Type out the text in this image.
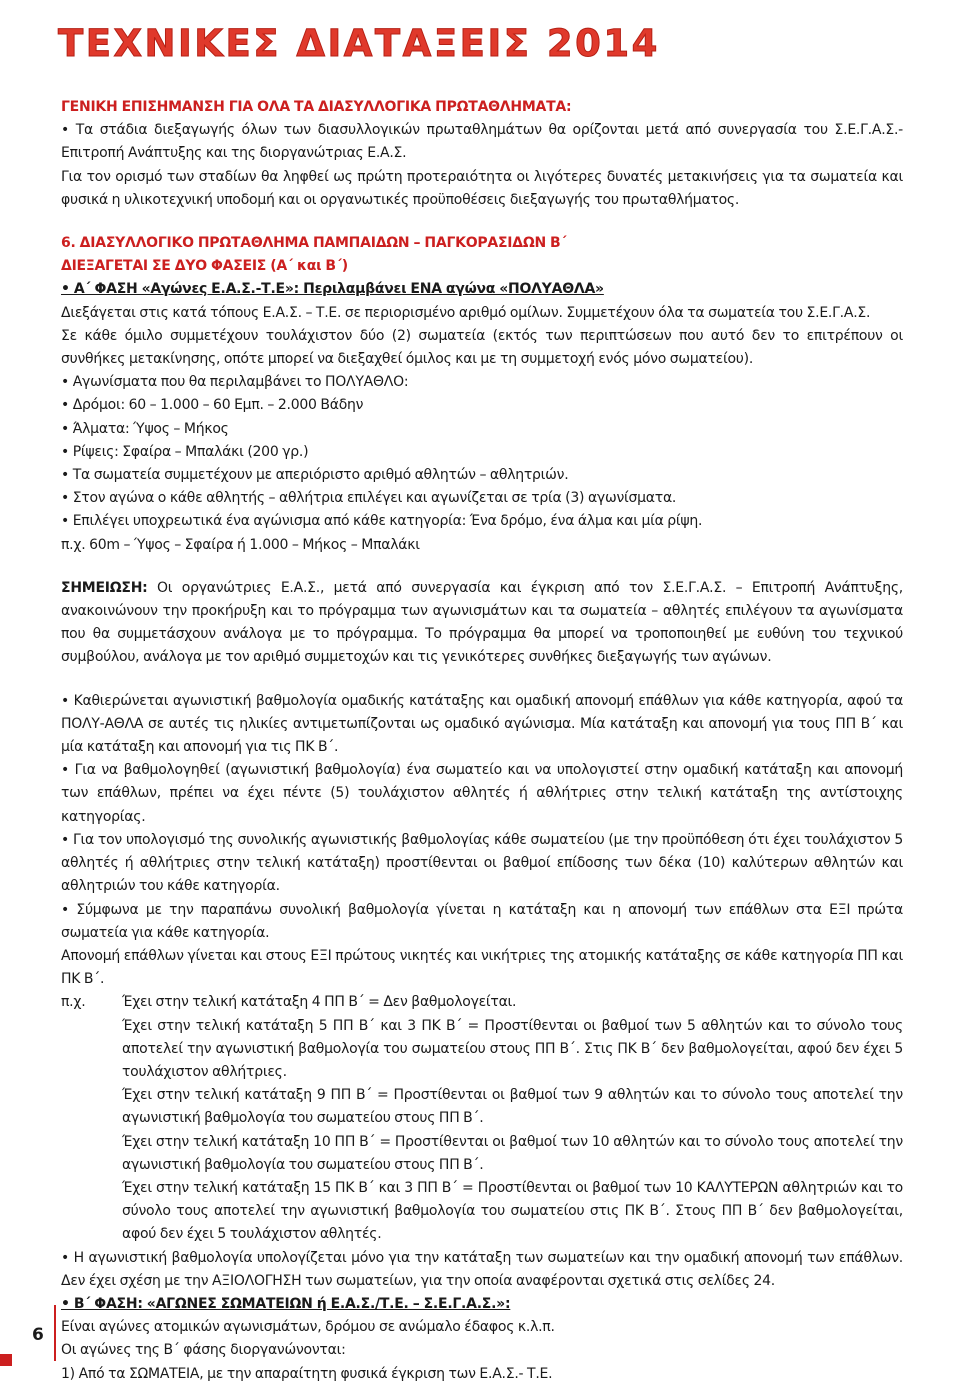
ΤΕΧΝΙΚΕΣ ΔΙΑΤΑΞΕΙΣ 2014

ΓΕΝΙΚΗ ΕΠΙΣΗΜΑΝΣΗ ΓΙΑ ΟΛΑ ΤΑ ΔΙΑΣΥΛΛΟΓΙΚΑ ΠΡΩΤΑΘΛΗΜΑΤΑ:

• Τα στάδια διεξαγωγής όλων των διασυλλογικών πρωταθλημάτων θα ορίζονται μετά από συνεργασία του Σ.Ε.Γ.Α.Σ.- Επιτροπή Ανάπτυξης και της διοργανώτριας Ε.Α.Σ.

Για τον ορισμό των σταδίων θα ληφθεί ως πρώτη προτεραιότητα οι λιγότερες δυνατές μετακινήσεις για τα σωματεία και φυσικά η υλικοτεχνική υποδομή και οι οργανωτικές προϋποθέσεις διεξαγωγής του πρωταθλήματος.

6. ΔΙΑΣΥΛΛΟΓΙΚΟ ΠΡΩΤΑΘΛΗΜΑ ΠΑΜΠΑΙΔΩΝ – ΠΑΓΚΟΡΑΣΙΔΩΝ Β΄

ΔΙΕΞΑΓΕΤΑΙ ΣΕ ΔΥΟ ΦΑΣΕΙΣ (Α΄ και Β΄)

• Α΄ ΦΑΣΗ «Αγώνες Ε.Α.Σ.-Τ.Ε»: Περιλαμβάνει ΕΝΑ αγώνα «ΠΟΛΥΑΘΛΑ»

Διεξάγεται στις κατά τόπους Ε.Α.Σ. – Τ.Ε. σε περιορισμένο αριθμό ομίλων. Συμμετέχουν όλα τα σωματεία του Σ.Ε.Γ.Α.Σ.

Σε κάθε όμιλο συμμετέχουν τουλάχιστον δύο (2) σωματεία (εκτός των περιπτώσεων που αυτό δεν το επιτρέπουν οι συνθήκες μετακίνησης, οπότε μπορεί να διεξαχθεί όμιλος και με τη συμμετοχή ενός μόνο σωματείου).

• Αγωνίσματα που θα περιλαμβάνει το ΠΟΛΥΑΘΛΟ:

• Δρόμοι: 60 – 1.000 – 60 Εμπ. – 2.000 Βάδην

• Άλματα: Ύψος – Μήκος

• Ρίψεις: Σφαίρα – Μπαλάκι (200 γρ.)

• Τα σωματεία συμμετέχουν με απεριόριστο αριθμό αθλητών – αθλητριών.

• Στον αγώνα ο κάθε αθλητής – αθλήτρια επιλέγει και αγωνίζεται σε τρία (3) αγωνίσματα.

• Επιλέγει υποχρεωτικά ένα αγώνισμα από κάθε κατηγορία: Ένα δρόμο, ένα άλμα και μία ρίψη.

π.χ. 60m – Ύψος – Σφαίρα ή 1.000 – Μήκος – Μπαλάκι

ΣΗΜΕΙΩΣΗ: Οι οργανώτριες Ε.Α.Σ., μετά από συνεργασία και έγκριση από τον Σ.Ε.Γ.Α.Σ. – Επιτροπή Ανάπτυξης, ανακοινώνουν την προκήρυξη και το πρόγραμμα των αγωνισμάτων και τα σωματεία – αθλητές επιλέγουν τα αγωνίσματα που θα συμμετάσχουν ανάλογα με το πρόγραμμα. Το πρόγραμμα θα μπορεί να τροποποιηθεί με ευθύνη του τεχνικού συμβούλου, ανάλογα με τον αριθμό συμμετοχών και τις γενικότερες συνθήκες διεξαγωγής των αγώνων.

• Καθιερώνεται αγωνιστική βαθμολογία ομαδικής κατάταξης και ομαδική απονομή επάθλων για κάθε κατηγορία, αφού τα ΠΟΛΥ-ΑΘΛΑ σε αυτές τις ηλικίες αντιμετωπίζονται ως ομαδικό αγώνισμα. Μία κατάταξη και απονομή για τους ΠΠ Β΄ και μία κατάταξη και απονομή για τις ΠΚ Β΄.

• Για να βαθμολογηθεί (αγωνιστική βαθμολογία) ένα σωματείο και να υπολογιστεί στην ομαδική κατάταξη και απονομή των επάθλων, πρέπει να έχει πέντε (5) τουλάχιστον αθλητές ή αθλήτριες στην τελική κατάταξη της αντίστοιχης κατηγορίας.

• Για τον υπολογισμό της συνολικής αγωνιστικής βαθμολογίας κάθε σωματείου (με την προϋπόθεση ότι έχει τουλάχιστον 5 αθλητές ή αθλήτριες στην τελική κατάταξη) προστίθενται οι βαθμοί επίδοσης των δέκα (10) καλύτερων αθλητών και αθλητριών του κάθε κατηγορία.

• Σύμφωνα με την παραπάνω συνολική βαθμολογία γίνεται η κατάταξη και η απονομή των επάθλων στα ΕΞΙ πρώτα σωματεία για κάθε κατηγορία.

Απονομή επάθλων γίνεται και στους ΕΞΙ πρώτους νικητές και νικήτριες της ατομικής κατάταξης σε κάθε κατηγορία ΠΠ και ΠΚ Β΄.

π.χ.	Έχει στην τελική κατάταξη 4 ΠΠ Β΄ = Δεν βαθμολογείται.

Έχει στην τελική κατάταξη 5 ΠΠ Β΄ και 3 ΠΚ Β΄ = Προστίθενται οι βαθμοί των 5 αθλητών και το σύνολο τους αποτελεί την αγωνιστική βαθμολογία του σωματείου στους ΠΠ Β΄. Στις ΠΚ Β΄ δεν βαθμολογείται, αφού δεν έχει 5 τουλάχιστον αθλήτριες.

Έχει στην τελική κατάταξη 9 ΠΠ Β΄ = Προστίθενται οι βαθμοί των 9 αθλητών και το σύνολο τους αποτελεί την αγωνιστική βαθμολογία του σωματείου στους ΠΠ Β΄.

Έχει στην τελική κατάταξη 10 ΠΠ Β΄ = Προστίθενται οι βαθμοί των 10 αθλητών και το σύνολο τους αποτελεί την αγωνιστική βαθμολογία του σωματείου στους ΠΠ Β΄.

Έχει στην τελική κατάταξη 15 ΠΚ Β΄ και 3 ΠΠ Β΄ = Προστίθενται οι βαθμοί των 10 ΚΑΛΥΤΕΡΩΝ αθλητριών και το σύνολο τους αποτελεί την αγωνιστική βαθμολογία του σωματείου στις ΠΚ Β΄. Στους ΠΠ Β΄ δεν βαθμολογείται, αφού δεν έχει 5 τουλάχιστον αθλητές.

• Η αγωνιστική βαθμολογία υπολογίζεται μόνο για την κατάταξη των σωματείων και την ομαδική απονομή των επάθλων. Δεν έχει σχέση με την ΑΞΙΟΛΟΓΗΣΗ των σωματείων, για την οποία αναφέρονται σχετικά στις σελίδες 24.

• Β΄ ΦΑΣΗ: «ΑΓΩΝΕΣ ΣΩΜΑΤΕΙΩΝ ή Ε.Α.Σ./Τ.Ε. – Σ.Ε.Γ.Α.Σ.»:

Είναι αγώνες ατομικών αγωνισμάτων, δρόμου σε ανώμαλο έδαφος κ.λ.π.

Οι αγώνες της Β΄ φάσης διοργανώνονται:

1) Από τα ΣΩΜΑΤΕΙΑ, με την απαραίτητη φυσικά έγκριση των Ε.Α.Σ.- Τ.Ε.

6
